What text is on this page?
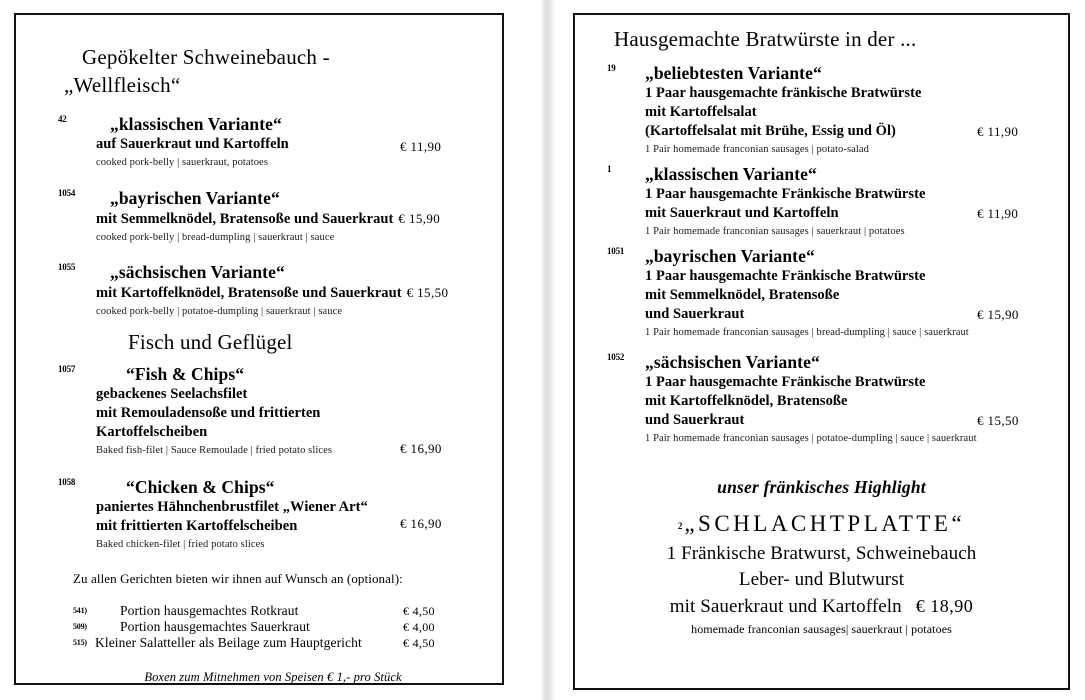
Gepökelter Schweinebauch -
„Wellfleisch“
42	„klassischen Variante“
auf Sauerkraut und Kartoffeln
cooked pork-belly | sauerkraut, potatoes
€ 11,90
1054	„bayrischen Variante“
mit Semmelknödel, Bratensoße und Sauerkraut € 15,90
cooked pork-belly | bread-dumpling | sauerkraut | sauce
1055	„sächsischen Variante“
mit Kartoffelknödel, Bratensoße und Sauerkraut € 15,50
cooked pork-belly | potatoe-dumpling | sauerkraut | sauce
Fisch und Geflügel
1057	“Fish & Chips“
gebackenes Seelachsfilet
mit Remouladensoße und frittierten
Kartoffelscheiben
Baked fish-filet | Sauce Remoulade | fried potato slices	€ 16,90
1058	“Chicken & Chips“
paniertes Hähnchenbrustfilet „Wiener Art“
mit frittierten Kartoffelscheiben
Baked chicken-filet | fried potato slices
€ 16,90
Zu allen Gerichten bieten wir ihnen auf Wunsch an (optional):
541) Portion hausgemachtes Rotkraut	€ 4,50
509) Portion hausgemachtes Sauerkraut	€ 4,00
515) Kleiner Salatteller als Beilage zum Hauptgericht	€ 4,50
Boxen zum Mitnehmen von Speisen € 1,- pro Stück
Hausgemachte Bratwürste in der ...
19	„beliebtesten Variante“
1 Paar hausgemachte fränkische Bratwürste
mit Kartoffelsalat
(Kartoffelsalat mit Brühe, Essig und Öl)
1 Pair homemade franconian sausages | potato-salad
€ 11,90
1	„klassischen Variante“
1 Paar hausgemachte Fränkische Bratwürste
mit Sauerkraut und Kartoffeln
1 Pair homemade franconian sausages | sauerkraut | potatoes
€ 11,90
1051	„bayrischen Variante“
1 Paar hausgemachte Fränkische Bratwürste
mit Semmelknödel, Bratensoße
und Sauerkraut
1 Pair homemade franconian sausages | bread-dumpling | sauce | sauerkraut
€ 15,90
1052	„sächsischen Variante“
1 Paar hausgemachte Fränkische Bratwürste
mit Kartoffelknödel, Bratensoße
und Sauerkraut
1 Pair homemade franconian sausages | potatoe-dumpling | sauce | sauerkraut
€ 15,50
unser fränkisches Highlight
2„SCHLACHTPLATTE“
1 Fränkische Bratwurst, Schweinebauch
Leber- und Blutwurst
mit Sauerkraut und Kartoffeln € 18,90
homemade franconian sausages| sauerkraut | potatoes
